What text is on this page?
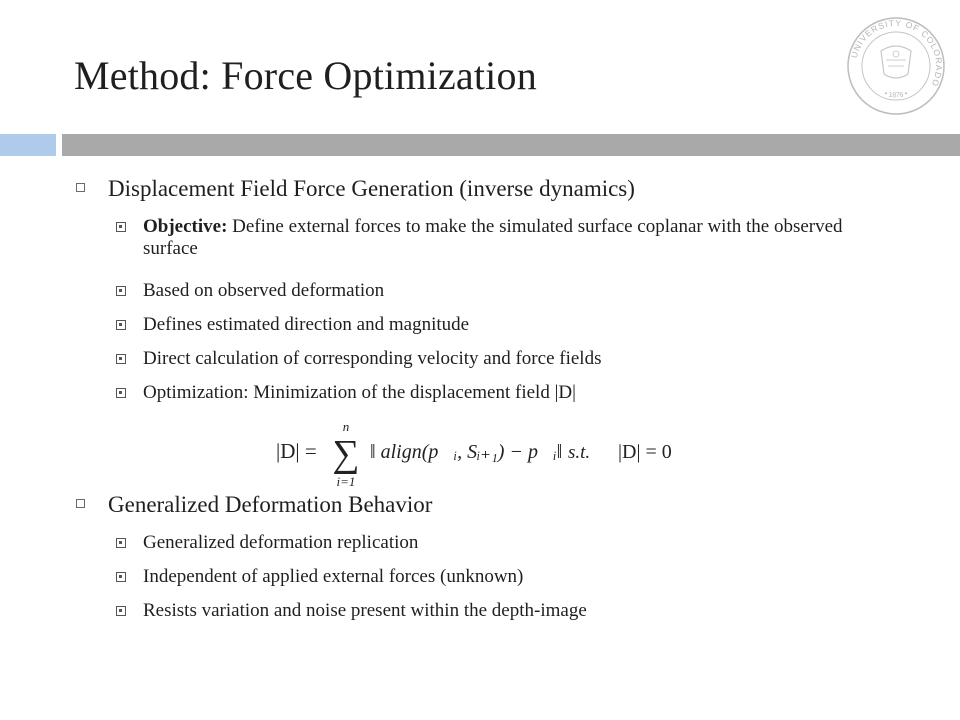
Method: Force Optimization	UNIVERSITY OF COLORADO
• 1876 •
Displacement Field Force Generation (inverse dynamics)
Objective: Define external forces to make the simulated surface coplanar with the observed surface
Based on observed deformation
Defines estimated direction and magnitude
Direct calculation of corresponding velocity and force fields
Optimization: Minimization of the displacement field |D|
|D| =
n
∑
i=1
‖ align(p⃗ᵢ, Sᵢ₊₁) − p⃗ᵢ‖ s.t. |D| = 0
Generalized Deformation Behavior
Generalized deformation replication
Independent of applied external forces (unknown)
Resists variation and noise present within the depth-image
